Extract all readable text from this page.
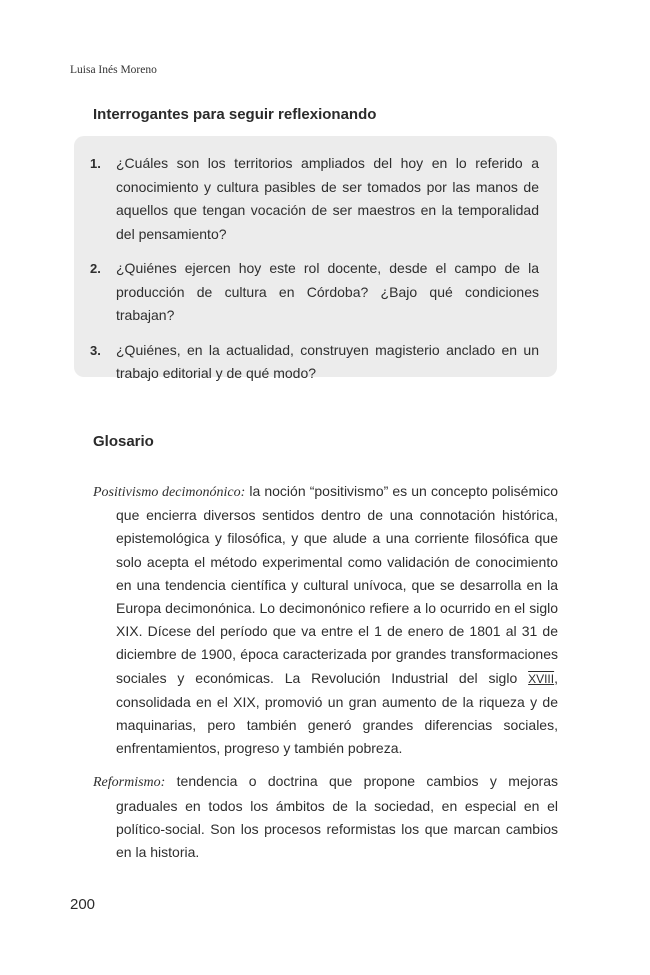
Luisa Inés Moreno
Interrogantes para seguir reflexionando
1.	¿Cuáles son los territorios ampliados del hoy en lo referido a conocimiento y cultura pasibles de ser tomados por las manos de aquellos que tengan vocación de ser maestros en la temporalidad del pensamiento?
2.	¿Quiénes ejercen hoy este rol docente, desde el campo de la producción de cultura en Córdoba? ¿Bajo qué condiciones trabajan?
3.	¿Quiénes, en la actualidad, construyen magisterio anclado en un trabajo editorial y de qué modo?
Glosario

Positivismo decimonónico: la noción “positivismo” es un concepto polisémico que encierra diversos sentidos dentro de una connotación histórica, epistemológica y filosófica, y que alude a una corriente filosófica que solo acepta el método experimental como validación de conocimiento en una tendencia científica y cultural unívoca, que se desarrolla en la Europa decimonónica. Lo decimonónico refiere a lo ocurrido en el siglo XIX. Dícese del período que va entre el 1 de enero de 1801 al 31 de diciembre de 1900, época caracterizada por grandes transformaciones sociales y económicas. La Revolución Industrial del siglo XVIII, consolidada en el XIX, promovió un gran aumento de la riqueza y de maquinarias, pero también generó grandes diferencias sociales, enfrentamientos, progreso y también pobreza.

Reformismo: tendencia o doctrina que propone cambios y mejoras graduales en todos los ámbitos de la sociedad, en especial en el político-social. Son los procesos reformistas los que marcan cambios en la historia.

200
